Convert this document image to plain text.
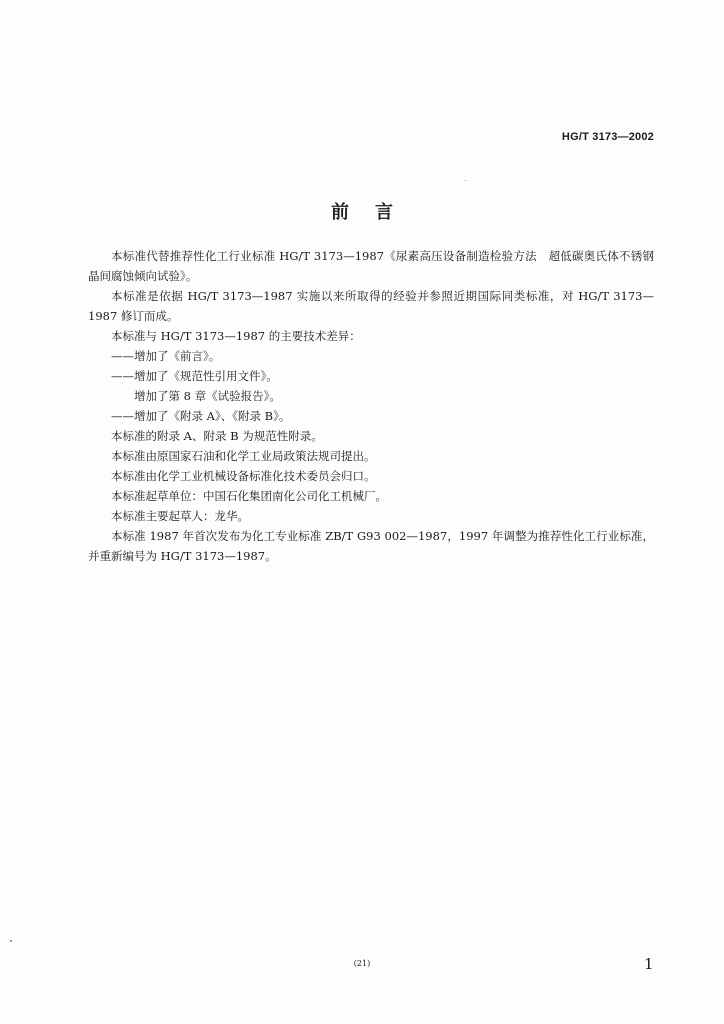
HG/T 3173—2002
前言

本标准代替推荐性化工行业标准 HG/T 3173—1987《尿素高压设备制造检验方法　超低碳奥氏体不锈钢晶间腐蚀倾向试验》。

本标准是依据 HG/T 3173—1987 实施以来所取得的经验并参照近期国际同类标准，对 HG/T 3173—1987 修订而成。

本标准与 HG/T 3173—1987 的主要技术差异：

——增加了《前言》。

——增加了《规范性引用文件》。

增加了第 8 章《试验报告》。

——增加了《附录 A》、《附录 B》。

本标准的附录 A、附录 B 为规范性附录。

本标准由原国家石油和化学工业局政策法规司提出。

本标准由化学工业机械设备标准化技术委员会归口。

本标准起草单位：中国石化集团南化公司化工机械厂。

本标准主要起草人：龙华。

本标准 1987 年首次发布为化工专业标准 ZB/T G93 002—1987，1997 年调整为推荐性化工行业标准，并重新编号为 HG/T 3173—1987。

(21)	1
